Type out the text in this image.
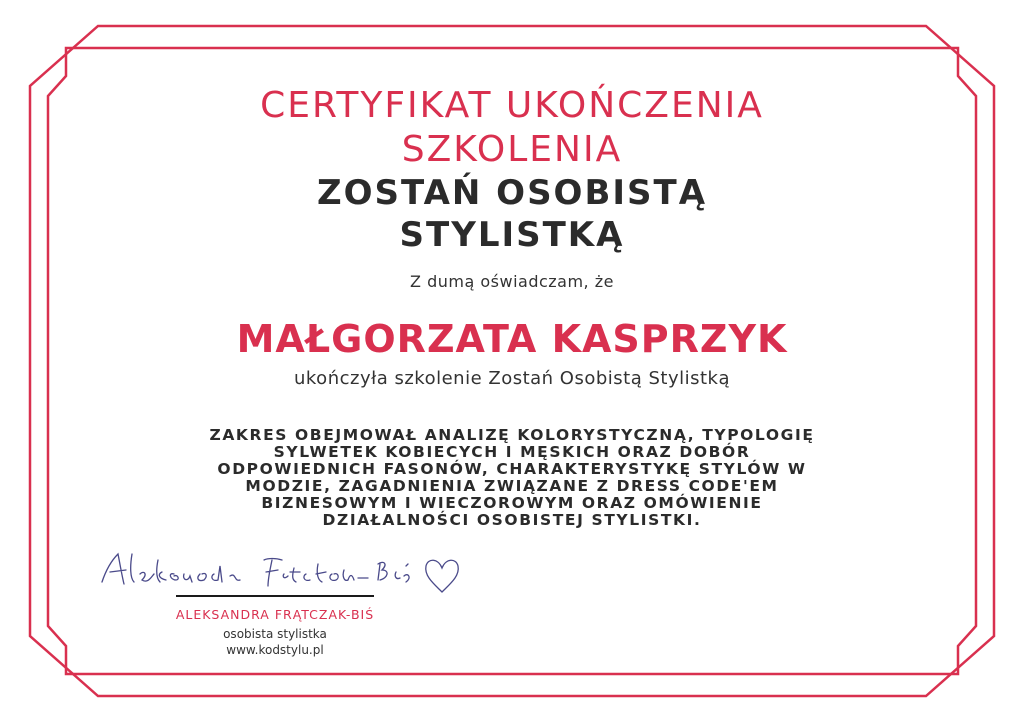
CERTYFIKAT UKOŃCZENIA SZKOLENIA
ZOSTAŃ OSOBISTĄ STYLISTKĄ
Z dumą oświadczam, że
MAŁGORZATA KASPRZYK
ukończyła szkolenie Zostań Osobistą Stylistką
ZAKRES OBEJMOWAŁ ANALIZĘ KOLORYSTYCZNĄ, TYPOLOGIĘ SYLWETEK KOBIECYCH I MĘSKICH ORAZ DOBÓR ODPOWIEDNICH FASONÓW, CHARAKTERYSTYKĘ STYLÓW W MODZIE, ZAGADNIENIA ZWIĄZANE Z DRESS CODE'EM BIZNESOWYM I WIECZOROWYM ORAZ OMÓWIENIE DZIAŁALNOŚCI OSOBISTEJ STYLISTKI.
ALEKSANDRA FRĄTCZAK-BIŚ
osobista stylistka
www.kodstylu.pl
